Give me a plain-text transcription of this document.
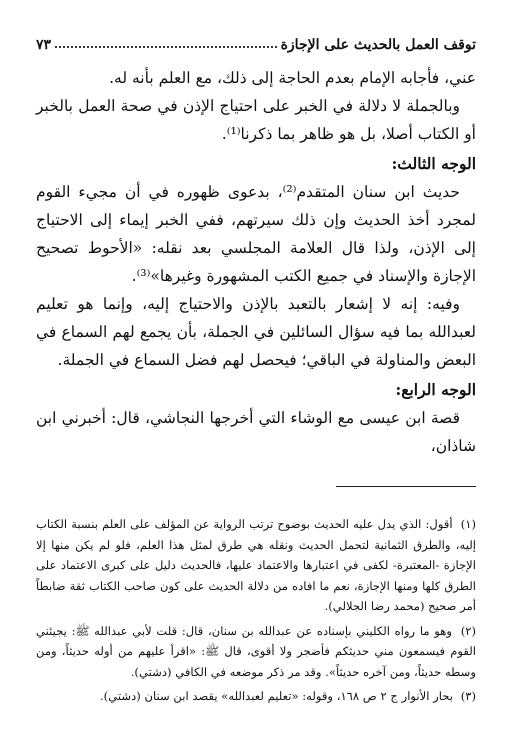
توقف العمل بالحديث على الإجازة
٧٣

عني، فأجابه الإمام بعدم الحاجة إلى ذلك، مع العلم بأنه له.

وبالجملة لا دلالة في الخبر على احتياج الإذن في صحة العمل بالخبر أو الكتاب أصلا، بل هو ظاهر بما ذكرنا⁽¹⁾.

الوجه الثالث:

حديث ابن سنان المتقدم⁽²⁾، بدعوى ظهوره في أن مجيء القوم لمجرد أخذ الحديث وإن ذلك سيرتهم، ففي الخبر إيماء إلى الاحتياج إلى الإذن، ولذا قال العلامة المجلسي بعد نقله: «الأحوط تصحيح الإجازة والإسناد في جميع الكتب المشهورة وغيرها»⁽³⁾.

وفيه: إنه لا إشعار بالتعبد بالإذن والاحتياج إليه، وإنما هو تعليم لعبدالله بما فيه سؤال السائلين في الجملة، بأن يجمع لهم السماع في البعض والمناولة في الباقي؛ فيحصل لهم فضل السماع في الجملة.

الوجه الرابع:

قصة ابن عيسى مع الوشاء التي أخرجها النجاشي، قال: أخبرني ابن شاذان،

(١) أقول: الذي يدل عليه الحديث بوضوح ترتب الرواية عن المؤلف على العلم بنسبة الكتاب إليه، والطرق الثمانية لتحمل الحديث ونقله هي طرق لمثل هذا العلم، فلو لم يكن منها إلا الإجازة -المعتبرة- لكفى في اعتبارها والاعتماد عليها، فالحديث دليل على كبرى الاعتماد على الطرق كلها ومنها الإجازة، نعم ما افاده من دلالة الحديث على كون صاحب الكتاب ثقة ضابطاً أمر صحيح (محمد رضا الجلالي).

(٢) وهو ما رواه الكليني بإسناده عن عبدالله بن سنان، قال: قلت لأبي عبدالله ﷺ: يجيئني القوم فيسمعون مني حديثكم فأضجر ولا أقوى، قال ﷺ: «اقرأ عليهم من أوله حديثاً، ومن وسطه حديثاً، ومن آخره حديثاً». وقد مر ذكر موضعه في الكافي (دشتي).

(٣) بحار الأنوار ج ٢ ص ١٦٨، وقوله: «تعليم لعبدالله» يقصد ابن سنان (دشتي).
